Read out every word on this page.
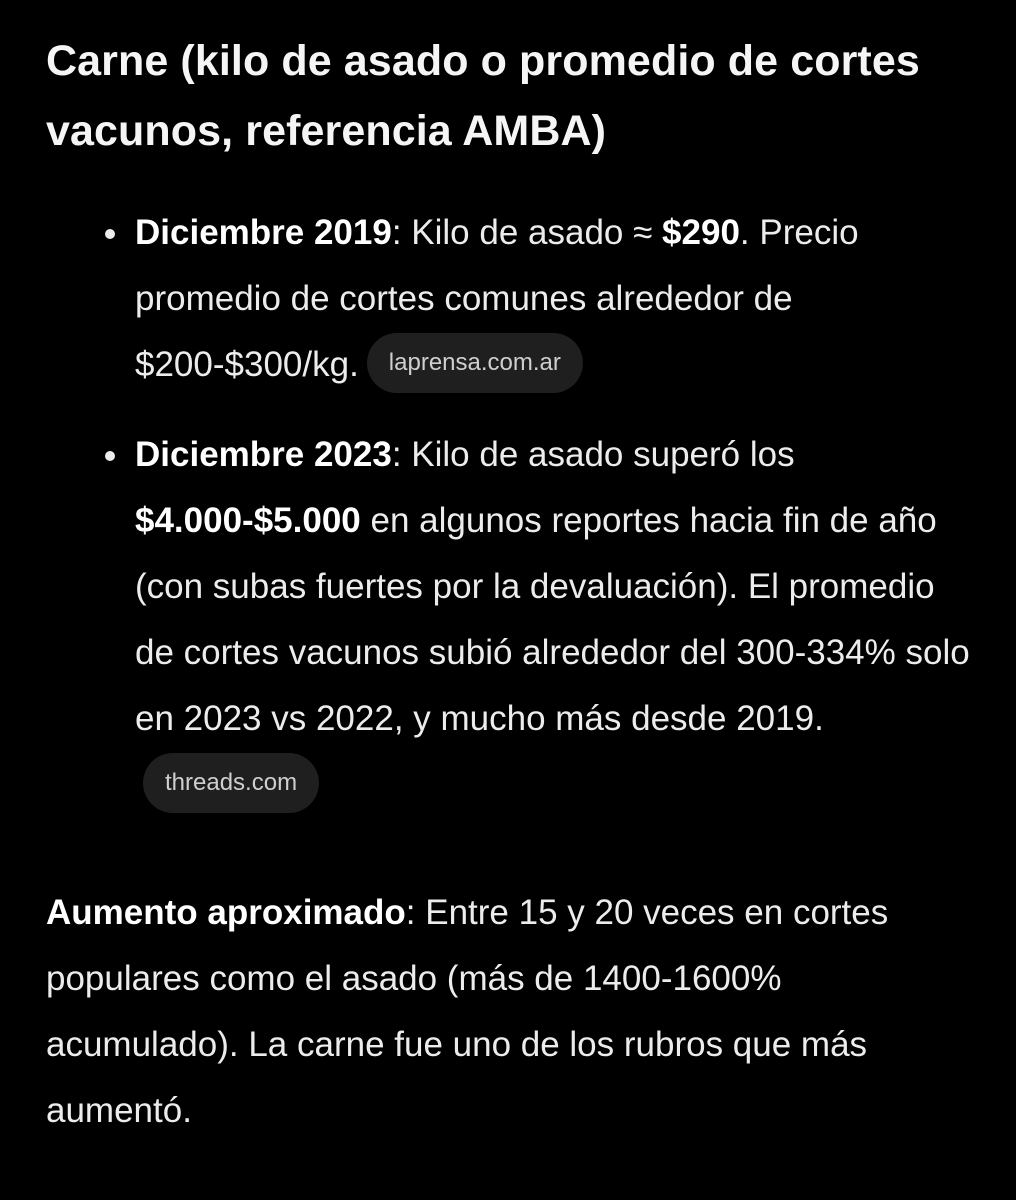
Carne (kilo de asado o promedio de cortes vacunos, referencia AMBA)
Diciembre 2019: Kilo de asado ≈ $290. Precio promedio de cortes comunes alrededor de $200-$300/kg. laprensa.com.ar
Diciembre 2023: Kilo de asado superó los $4.000-$5.000 en algunos reportes hacia fin de año (con subas fuertes por la devaluación). El promedio de cortes vacunos subió alrededor del 300-334% solo en 2023 vs 2022, y mucho más desde 2019.threads.com

Aumento aproximado: Entre 15 y 20 veces en cortes populares como el asado (más de 1400-1600% acumulado). La carne fue uno de los rubros que más aumentó.
